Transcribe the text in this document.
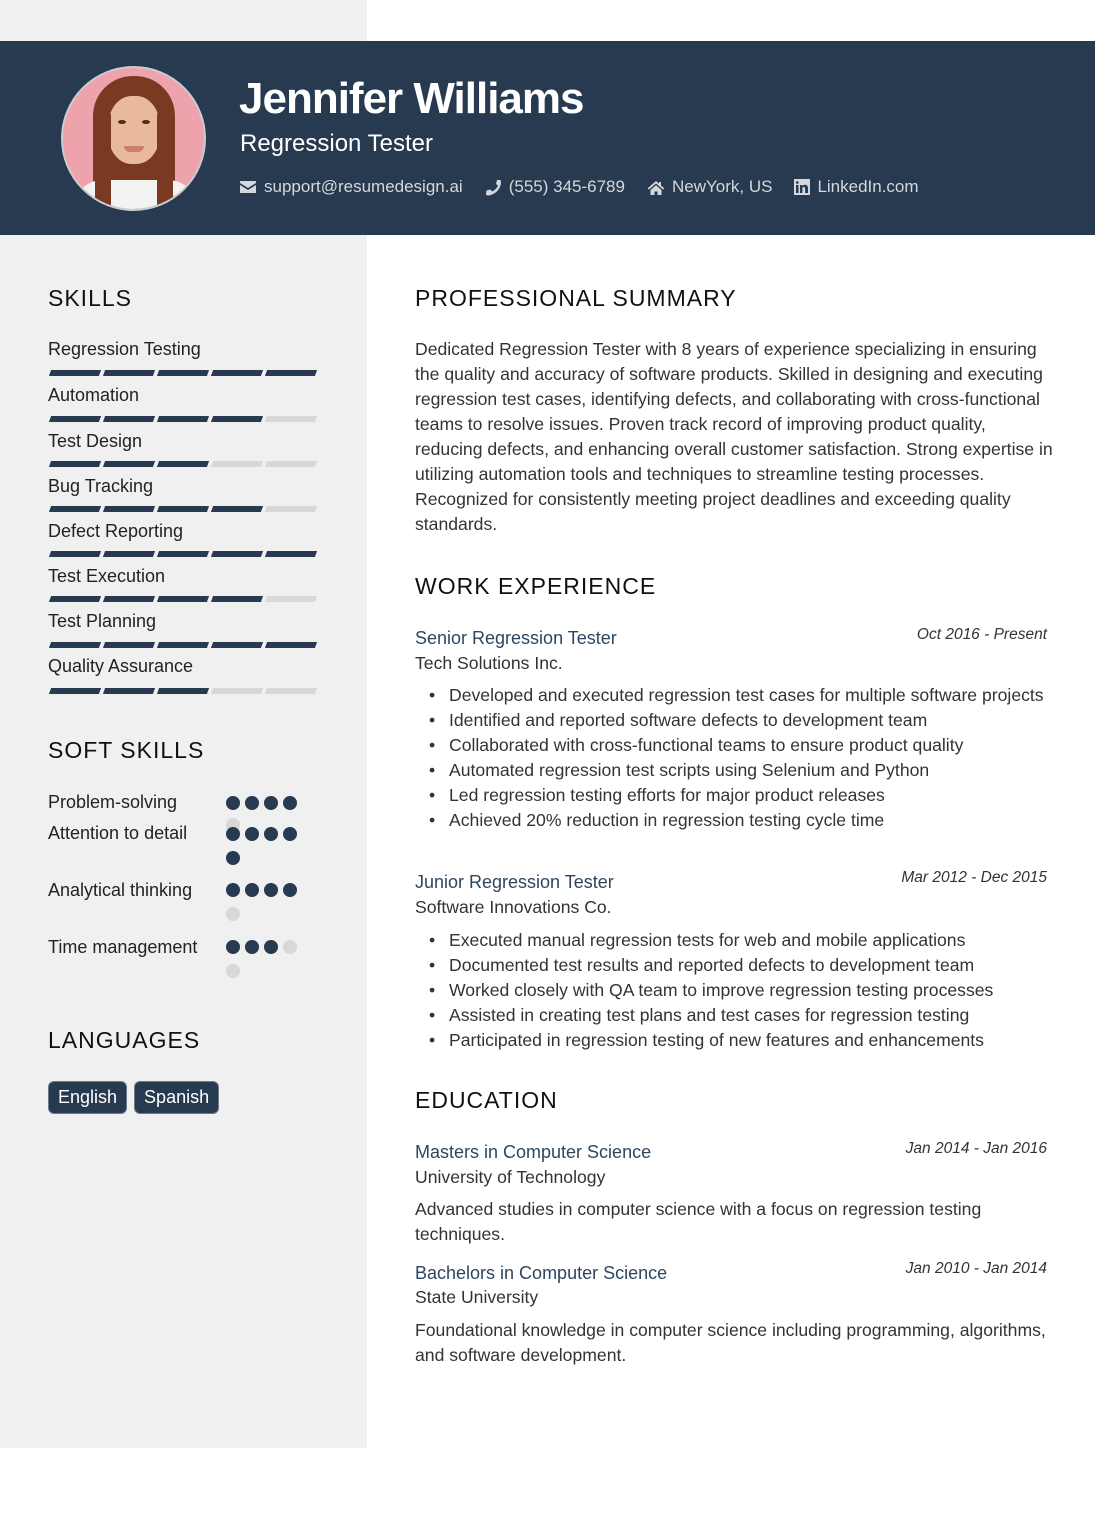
Jennifer Williams
Regression Tester
support@resumedesign.ai	(555) 345-6789	NewYork, US	LinkedIn.com
SKILLS
Regression Testing
Automation
Test Design
Bug Tracking
Defect Reporting
Test Execution
Test Planning
Quality Assurance
SOFT SKILLS
Problem-solving
Attention to detail
Analytical thinking
Time management
LANGUAGES
English	Spanish
PROFESSIONAL SUMMARY
Dedicated Regression Tester with 8 years of experience specializing in ensuring the quality and accuracy of software products. Skilled in designing and executing regression test cases, identifying defects, and collaborating with cross-functional teams to resolve issues. Proven track record of improving product quality, reducing defects, and enhancing overall customer satisfaction. Strong expertise in utilizing automation tools and techniques to streamline testing processes. Recognized for consistently meeting project deadlines and exceeding quality standards.
WORK EXPERIENCE
Senior Regression Tester	Oct 2016 - Present
Tech Solutions Inc.
• Developed and executed regression test cases for multiple software projects
• Identified and reported software defects to development team
• Collaborated with cross-functional teams to ensure product quality
• Automated regression test scripts using Selenium and Python
• Led regression testing efforts for major product releases
• Achieved 20% reduction in regression testing cycle time
Junior Regression Tester	Mar 2012 - Dec 2015
Software Innovations Co.
• Executed manual regression tests for web and mobile applications
• Documented test results and reported defects to development team
• Worked closely with QA team to improve regression testing processes
• Assisted in creating test plans and test cases for regression testing
• Participated in regression testing of new features and enhancements
EDUCATION
Masters in Computer Science	Jan 2014 - Jan 2016
University of Technology
Advanced studies in computer science with a focus on regression testing techniques.
Bachelors in Computer Science	Jan 2010 - Jan 2014
State University
Foundational knowledge in computer science including programming, algorithms, and software development.
